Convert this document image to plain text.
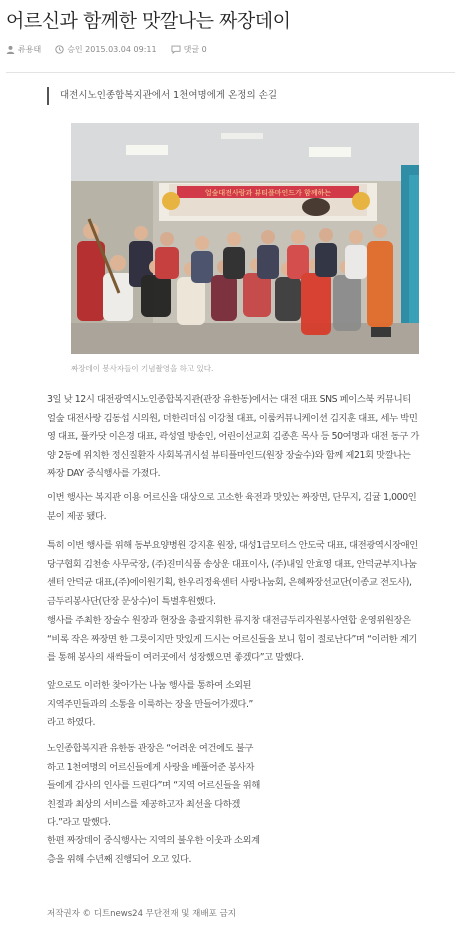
어르신과 함께한 맛깔나는 짜장데이
류용태	승인 2015.03.04 09:11	댓글 0
대전시노인종합복지관에서 1천여명에게 온정의 손길
얼숲대전사람과 뷰티플마인드가 함께하는
짜장데이 봉사자들이 기념촬영을 하고 있다.

3일 낮 12시 대전광역시노인종합복지관(관장 유한동)에서는 대전 대표 SNS 페이스북 커뮤니티 얼숲 대전사랑 김동섭 시의원, 더한리더십 이강철 대표, 이룸커뮤니케이션 김지훈 대표, 세누 박민영 대표, 풀카닷 이은경 대표, 곽성열 방송인, 어린이선교회 김종흔 목사 등 50여명과 대전 동구 가양 2동에 위치한 정신질환자 사회복귀시설 뷰티플마인드(원장 장술수)와 함께 제21회 맛깔나는 짜장 DAY 중식행사를 가졌다.

이번 행사는 복지관 이용 어르신을 대상으로 고소한 육전과 맛있는 짜장면, 단무지, 김귤 1,000인분이 제공 됐다.

특히 이번 행사를 위해 동부요양병원 강지훈 원장, 대성1급모터스 안도국 대표, 대전광역시장애인당구협회 김천송 사무국장, (주)진미식품 송상운 대표이사, (주)내일 안효영 대표, 안덕균부지나눔센터 안덕균 대표,(주)에이원기획, 한우리정육센터 사랑나눔회, 은혜짜장선교단(이종교 전도사), 금두리봉사단(단장 문상수)이 특별후원했다.

행사를 주최한 장술수 원장과 현장을 총괄지휘한 류지창 대전금두리자원봉사연합 운영위원장은 “비록 작은 짜장면 한 그릇이지만 맛있게 드시는 어르신들을 보니 힘이 절로난다”며 “이러한 계기를 통해 봉사의 새싹들이 여러곳에서 성장했으면 좋겠다”고 말했다.

앞으로도 이러한 찾아가는 나눔 행사를 통하여 소외된 지역주민들과의 소통을 이룩하는 장을 만들어가겠다.” 라고 하였다.

노인종합복지관 유한동 관장은 “어려운 여건에도 불구하고 1천여명의 어르신들에게 사랑을 베풀어준 봉사자들에게 감사의 인사를 드린다”며 “지역 어르신들을 위해 친절과 최상의 서비스를 제공하고자 최선을 다하겠다.”라고 말했다.

한편 짜장데이 중식행사는 지역의 불우한 이웃과 소외계층을 위해 수년째 진행되어 오고 있다.

저작권자 © 디트news24 무단전재 및 재배포 금지
